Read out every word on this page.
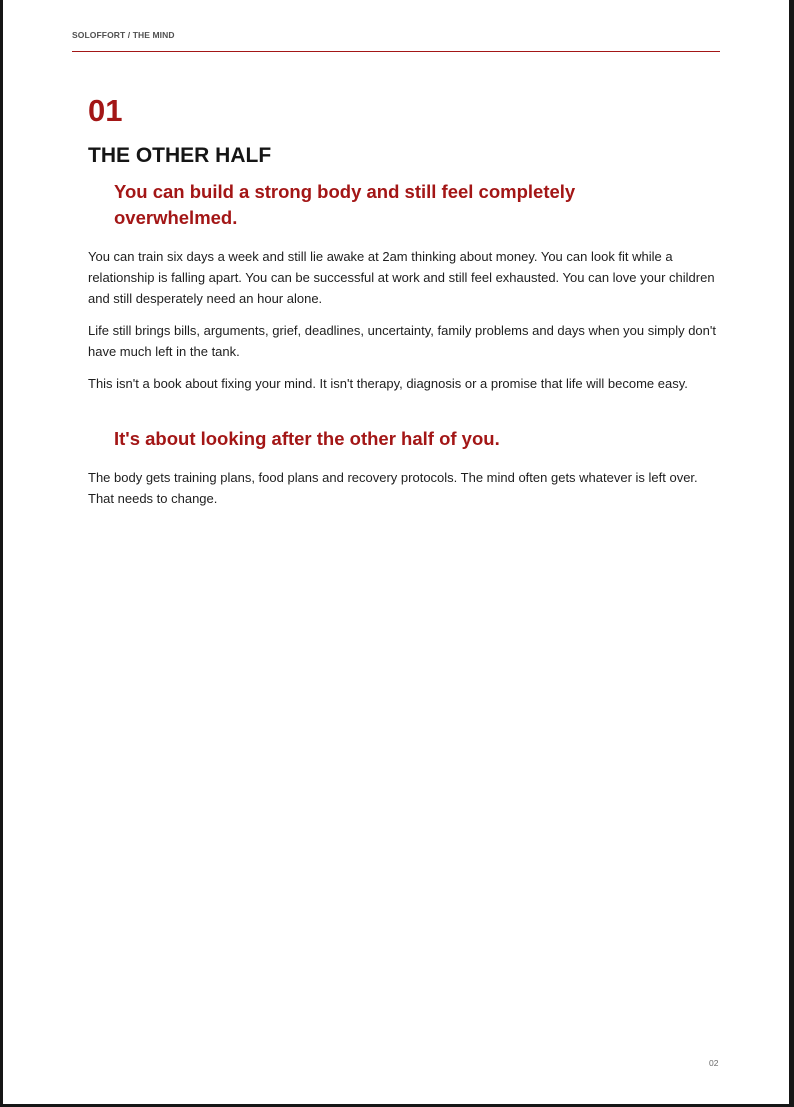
SOLOFFORT / THE MIND
01
THE OTHER HALF

You can build a strong body and still feel completely overwhelmed.

You can train six days a week and still lie awake at 2am thinking about money. You can look fit while a relationship is falling apart. You can be successful at work and still feel exhausted. You can love your children and still desperately need an hour alone.

Life still brings bills, arguments, grief, deadlines, uncertainty, family problems and days when you simply don't have much left in the tank.

This isn't a book about fixing your mind. It isn't therapy, diagnosis or a promise that life will become easy.

It's about looking after the other half of you.

The body gets training plans, food plans and recovery protocols. The mind often gets whatever is left over. That needs to change.

02
